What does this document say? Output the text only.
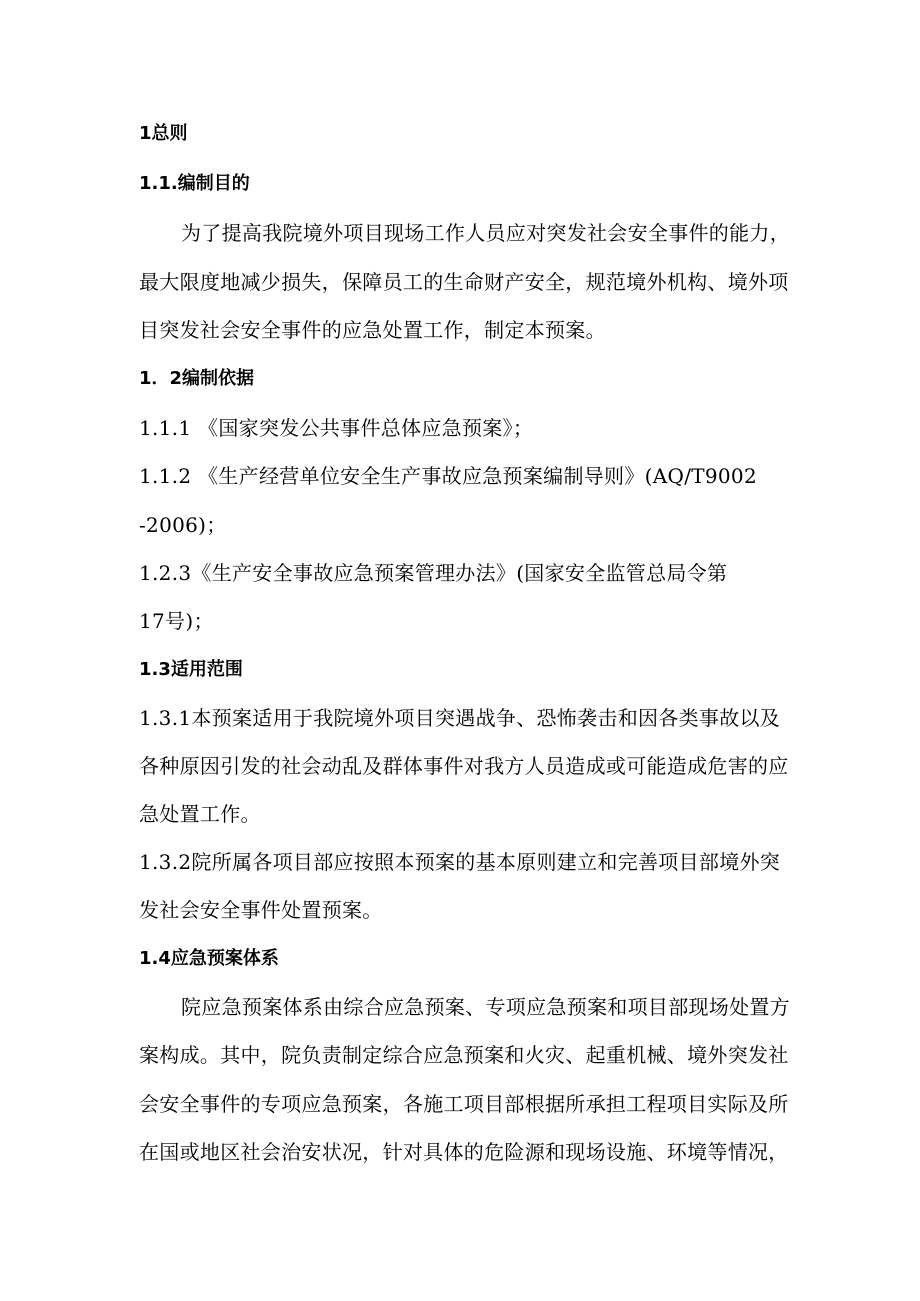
1总则

1.1.编制目的

为了提高我院境外项目现场工作人员应对突发社会安全事件的能力，

最大限度地减少损失，保障员工的生命财产安全，规范境外机构、境外项

目突发社会安全事件的应急处置工作，制定本预案。

1．2编制依据

1.1.1 《国家突发公共事件总体应急预案》；

1.1.2 《生产经营单位安全生产事故应急预案编制导则》(AQ/T9002

-2006)；

1.2.3《生产安全事故应急预案管理办法》(国家安全监管总局令第

17号)；

1.3适用范围

1.3.1本预案适用于我院境外项目突遇战争、恐怖袭击和因各类事故以及

各种原因引发的社会动乱及群体事件对我方人员造成或可能造成危害的应

急处置工作。

1.3.2院所属各项目部应按照本预案的基本原则建立和完善项目部境外突

发社会安全事件处置预案。

1.4应急预案体系

院应急预案体系由综合应急预案、专项应急预案和项目部现场处置方

案构成。其中，院负责制定综合应急预案和火灾、起重机械、境外突发社

会安全事件的专项应急预案，各施工项目部根据所承担工程项目实际及所

在国或地区社会治安状况，针对具体的危险源和现场设施、环境等情况，
